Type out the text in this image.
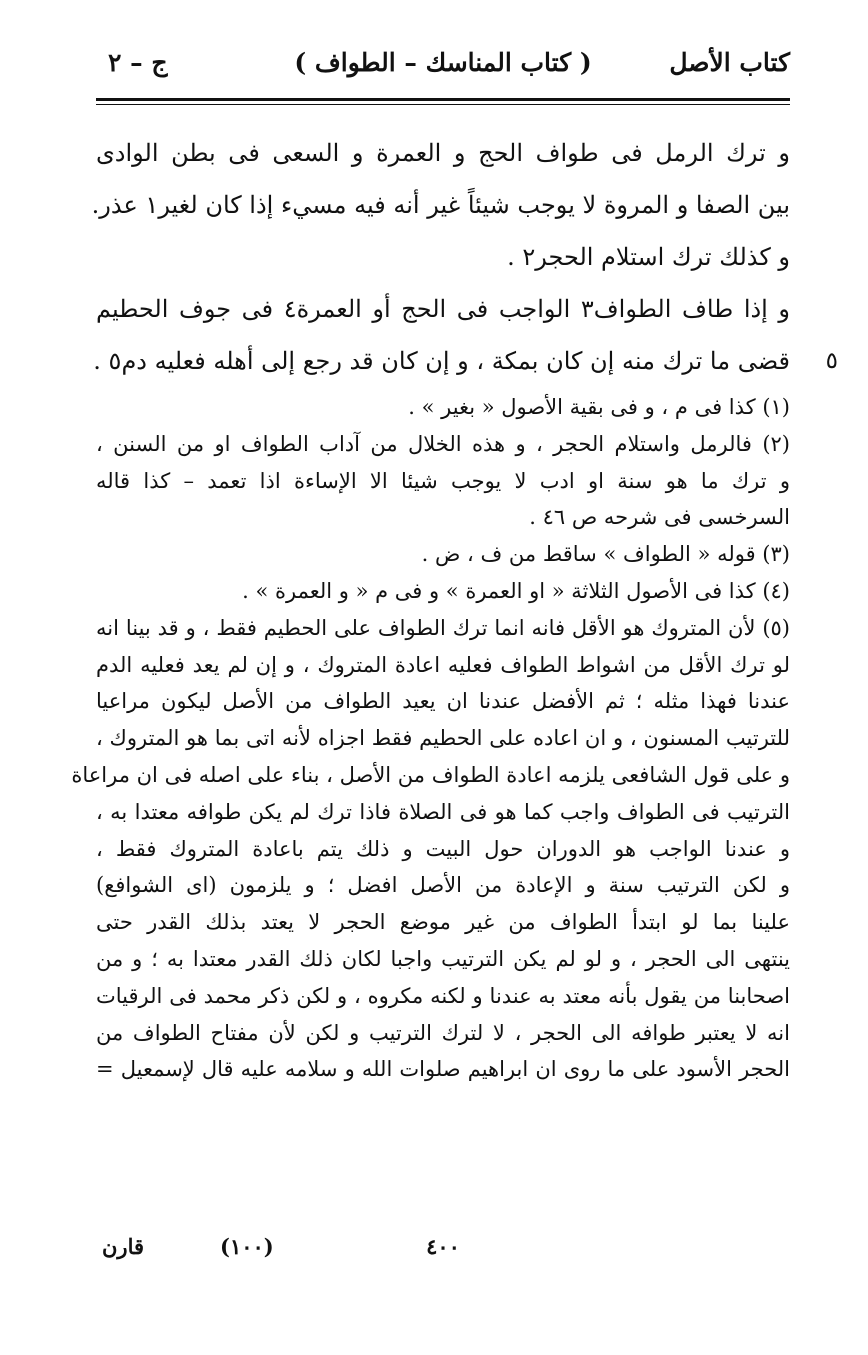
كتاب الأصل
( كتاب المناسك – الطواف )
ج – ٢
و ترك الرمل فى طواف الحج و العمرة و السعى فى بطن الوادى
بين الصفا و المروة لا يوجب شيئاً غير أنه فيه مسيء إذا كان لغير١ عذر.
و كذلك ترك استلام الحجر٢ .
و إذا طاف الطواف٣ الواجب فى الحج أو العمرة٤ فى جوف الحطيم
قضى ما ترك منه إن كان بمكة ، و إن كان قد رجع إلى أهله فعليه دم٥ . ٥
(١) كذا فى م ، و فى بقية الأصول « بغير » .
(٢) فالرمل واستلام الحجر ، و هذه الخلال من آداب الطواف او من السنن ،
و ترك ما هو سنة او ادب لا يوجب شيئا الا الإساءة اذا تعمد – كذا قاله
السرخسى فى شرحه ص ٤٦ .
(٣) قوله « الطواف » ساقط من ف ، ض .
(٤) كذا فى الأصول الثلاثة « او العمرة » و فى م « و العمرة » .
(٥) لأن المتروك هو الأقل فانه انما ترك الطواف على الحطيم فقط ، و قد بينا انه
لو ترك الأقل من اشواط الطواف فعليه اعادة المتروك ، و إن لم يعد فعليه الدم
عندنا فهذا مثله ؛ ثم الأفضل عندنا ان يعيد الطواف من الأصل ليكون مراعيا
للترتيب المسنون ، و ان اعاده على الحطيم فقط اجزاه لأنه اتى بما هو المتروك ،
و على قول الشافعى يلزمه اعادة الطواف من الأصل ، بناء على اصله فى ان مراعاة
الترتيب فى الطواف واجب كما هو فى الصلاة فاذا ترك لم يكن طوافه معتدا به ،
و عندنا الواجب هو الدوران حول البيت و ذلك يتم باعادة المتروك فقط ،
و لكن الترتيب سنة و الإعادة من الأصل افضل ؛ و يلزمون (اى الشوافع)
علينا بما لو ابتدأ الطواف من غير موضع الحجر لا يعتد بذلك القدر حتى
ينتهى الى الحجر ، و لو لم يكن الترتيب واجبا لكان ذلك القدر معتدا به ؛ و من
اصحابنا من يقول بأنه معتد به عندنا و لكنه مكروه ، و لكن ذكر محمد فى الرقيات
انه لا يعتبر طوافه الى الحجر ، لا لترك الترتيب و لكن لأن مفتاح الطواف من
الحجر الأسود على ما روى ان ابراهيم صلوات الله و سلامه عليه قال لإسمعيل =
٤٠٠
(١٠٠)
قارن
